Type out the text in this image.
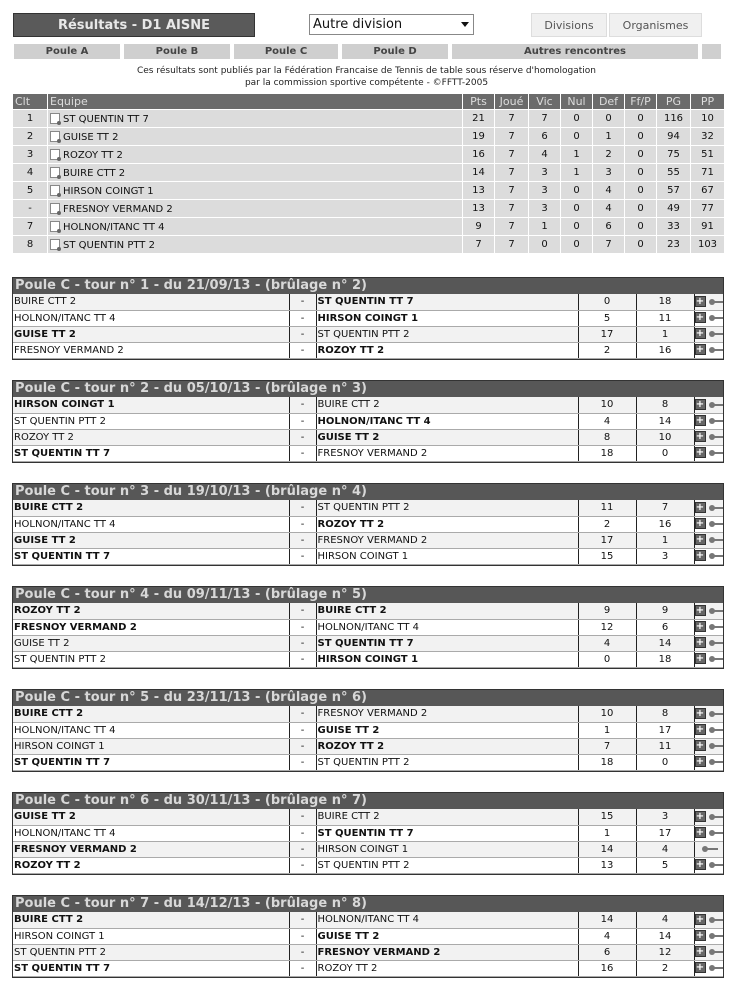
Résultats - D1 AISNE	Autre division	Divisions	Organismes
Poule A	Poule B	Poule C	Poule D	Autres rencontres
Ces résultats sont publiés par la Fédération Francaise de Tennis de table sous réserve d'homologation
par la commission sportive compétente - ©FFTT-2005
Clt	Equipe	Pts	Joué	Vic	Nul	Def	Ff/P	PG	PP
1	ST QUENTIN TT 7	21	7	7	0	0	0	116	10
2	GUISE TT 2	19	7	6	0	1	0	94	32
3	ROZOY TT 2	16	7	4	1	2	0	75	51
4	BUIRE CTT 2	14	7	3	1	3	0	55	71
5	HIRSON COINGT 1	13	7	3	0	4	0	57	67
-	FRESNOY VERMAND 2	13	7	3	0	4	0	49	77
7	HOLNON/ITANC TT 4	9	7	1	0	6	0	33	91
8	ST QUENTIN PTT 2	7	7	0	0	7	0	23	103
Poule C - tour n° 1 - du 21/09/13 - (brûlage n° 2)
BUIRE CTT 2	-	ST QUENTIN TT 7	0	18	+
HOLNON/ITANC TT 4	-	HIRSON COINGT 1	5	11	+
GUISE TT 2	-	ST QUENTIN PTT 2	17	1	+
FRESNOY VERMAND 2	-	ROZOY TT 2	2	16	+
Poule C - tour n° 2 - du 05/10/13 - (brûlage n° 3)
HIRSON COINGT 1	-	BUIRE CTT 2	10	8	+
ST QUENTIN PTT 2	-	HOLNON/ITANC TT 4	4	14	+
ROZOY TT 2	-	GUISE TT 2	8	10	+
ST QUENTIN TT 7	-	FRESNOY VERMAND 2	18	0	+
Poule C - tour n° 3 - du 19/10/13 - (brûlage n° 4)
BUIRE CTT 2	-	ST QUENTIN PTT 2	11	7	+
HOLNON/ITANC TT 4	-	ROZOY TT 2	2	16	+
GUISE TT 2	-	FRESNOY VERMAND 2	17	1	+
ST QUENTIN TT 7	-	HIRSON COINGT 1	15	3	+
Poule C - tour n° 4 - du 09/11/13 - (brûlage n° 5)
ROZOY TT 2	-	BUIRE CTT 2	9	9	+
FRESNOY VERMAND 2	-	HOLNON/ITANC TT 4	12	6	+
GUISE TT 2	-	ST QUENTIN TT 7	4	14	+
ST QUENTIN PTT 2	-	HIRSON COINGT 1	0	18	+
Poule C - tour n° 5 - du 23/11/13 - (brûlage n° 6)
BUIRE CTT 2	-	FRESNOY VERMAND 2	10	8	+
HOLNON/ITANC TT 4	-	GUISE TT 2	1	17	+
HIRSON COINGT 1	-	ROZOY TT 2	7	11	+
ST QUENTIN TT 7	-	ST QUENTIN PTT 2	18	0	+
Poule C - tour n° 6 - du 30/11/13 - (brûlage n° 7)
GUISE TT 2	-	BUIRE CTT 2	15	3	+
HOLNON/ITANC TT 4	-	ST QUENTIN TT 7	1	17	+
FRESNOY VERMAND 2	-	HIRSON COINGT 1	14	4	
ROZOY TT 2	-	ST QUENTIN PTT 2	13	5	+
Poule C - tour n° 7 - du 14/12/13 - (brûlage n° 8)
BUIRE CTT 2	-	HOLNON/ITANC TT 4	14	4	+
HIRSON COINGT 1	-	GUISE TT 2	4	14	+
ST QUENTIN PTT 2	-	FRESNOY VERMAND 2	6	12	+
ST QUENTIN TT 7	-	ROZOY TT 2	16	2	+
